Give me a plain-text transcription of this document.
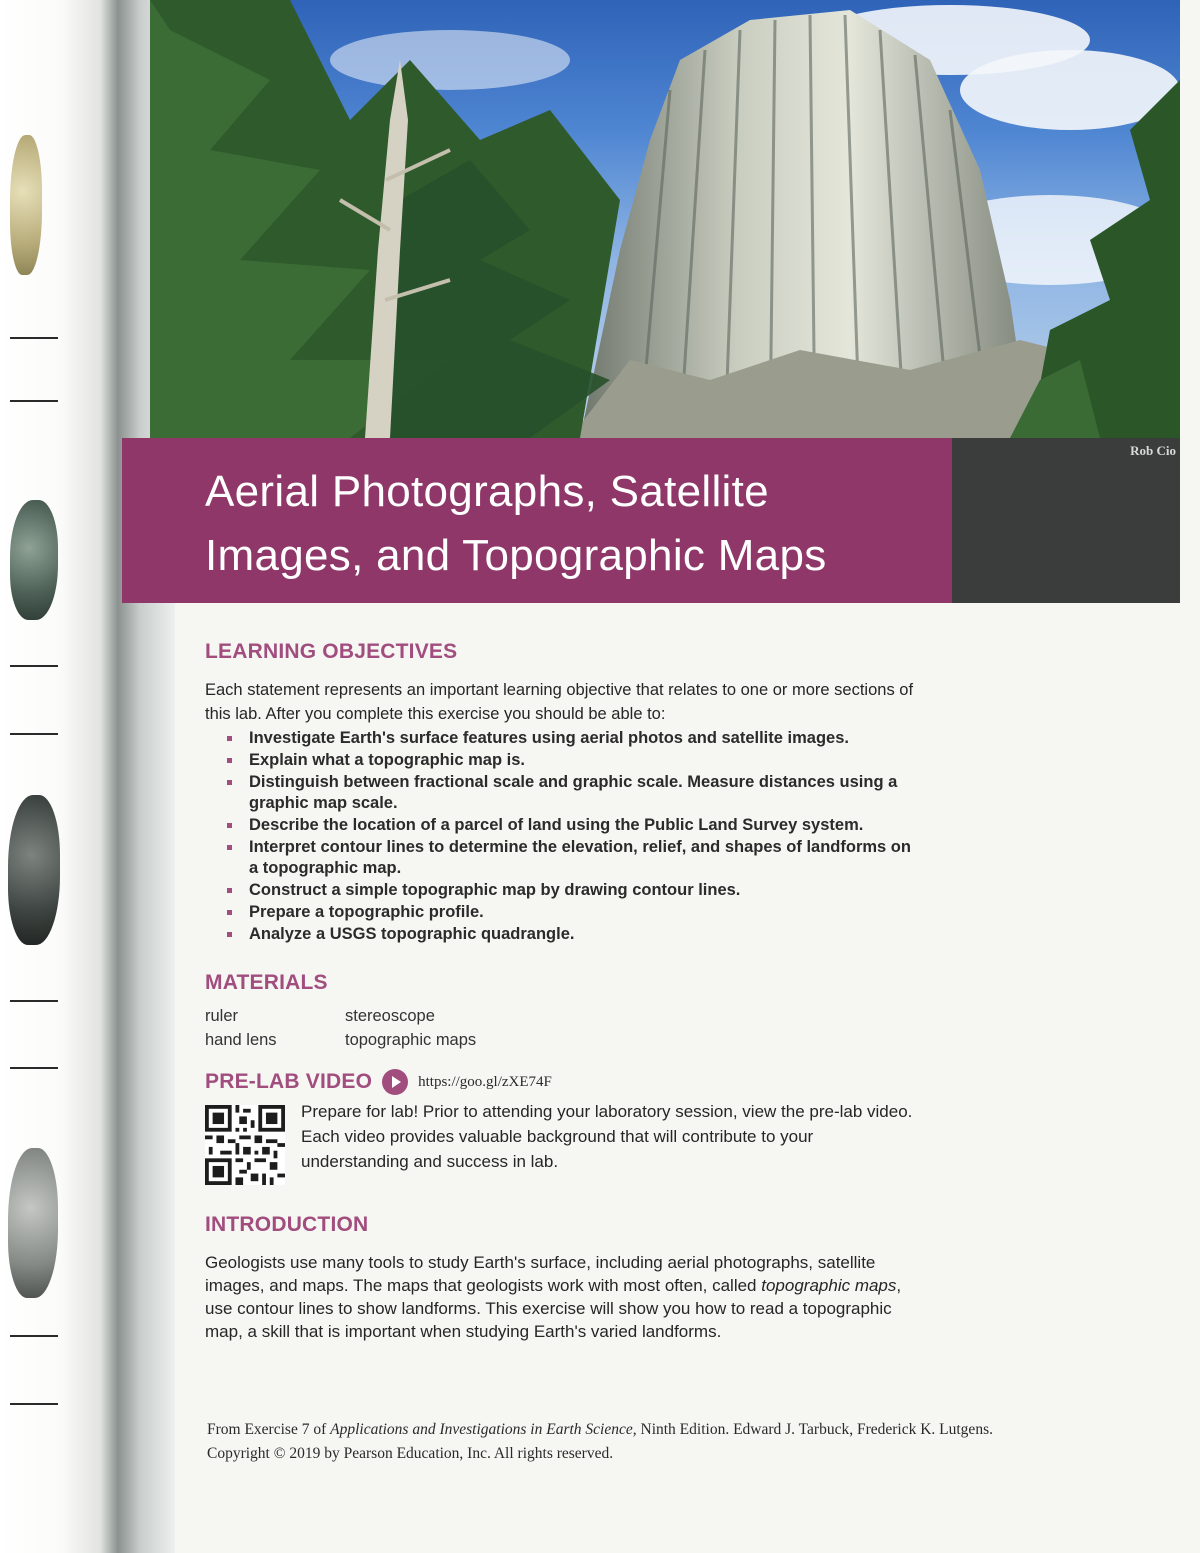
Rob Cio
Aerial Photographs, Satellite
Images, and Topographic Maps
LEARNING OBJECTIVES

Each statement represents an important learning objective that relates to one or more sections of this lab. After you complete this exercise you should be able to:

Investigate Earth's surface features using aerial photos and satellite images.
Explain what a topographic map is.
Distinguish between fractional scale and graphic scale. Measure distances using a graphic map scale.
Describe the location of a parcel of land using the Public Land Survey system.
Interpret contour lines to determine the elevation, relief, and shapes of landforms on a topographic map.
Construct a simple topographic map by drawing contour lines.
Prepare a topographic profile.
Analyze a USGS topographic quadrangle.
MATERIALS
ruler	stereoscope
hand lens	topographic maps
PRE-LAB VIDEO	https://goo.gl/zXE74F

Prepare for lab! Prior to attending your laboratory session, view the pre-lab video. Each video provides valuable background that will contribute to your understanding and success in lab.

INTRODUCTION

Geologists use many tools to study Earth's surface, including aerial photographs, satellite images, and maps. The maps that geologists work with most often, called topographic maps, use contour lines to show landforms. This exercise will show you how to read a topographic map, a skill that is important when studying Earth's varied landforms.

From Exercise 7 of Applications and Investigations in Earth Science, Ninth Edition. Edward J. Tarbuck, Frederick K. Lutgens.
Copyright © 2019 by Pearson Education, Inc. All rights reserved.
